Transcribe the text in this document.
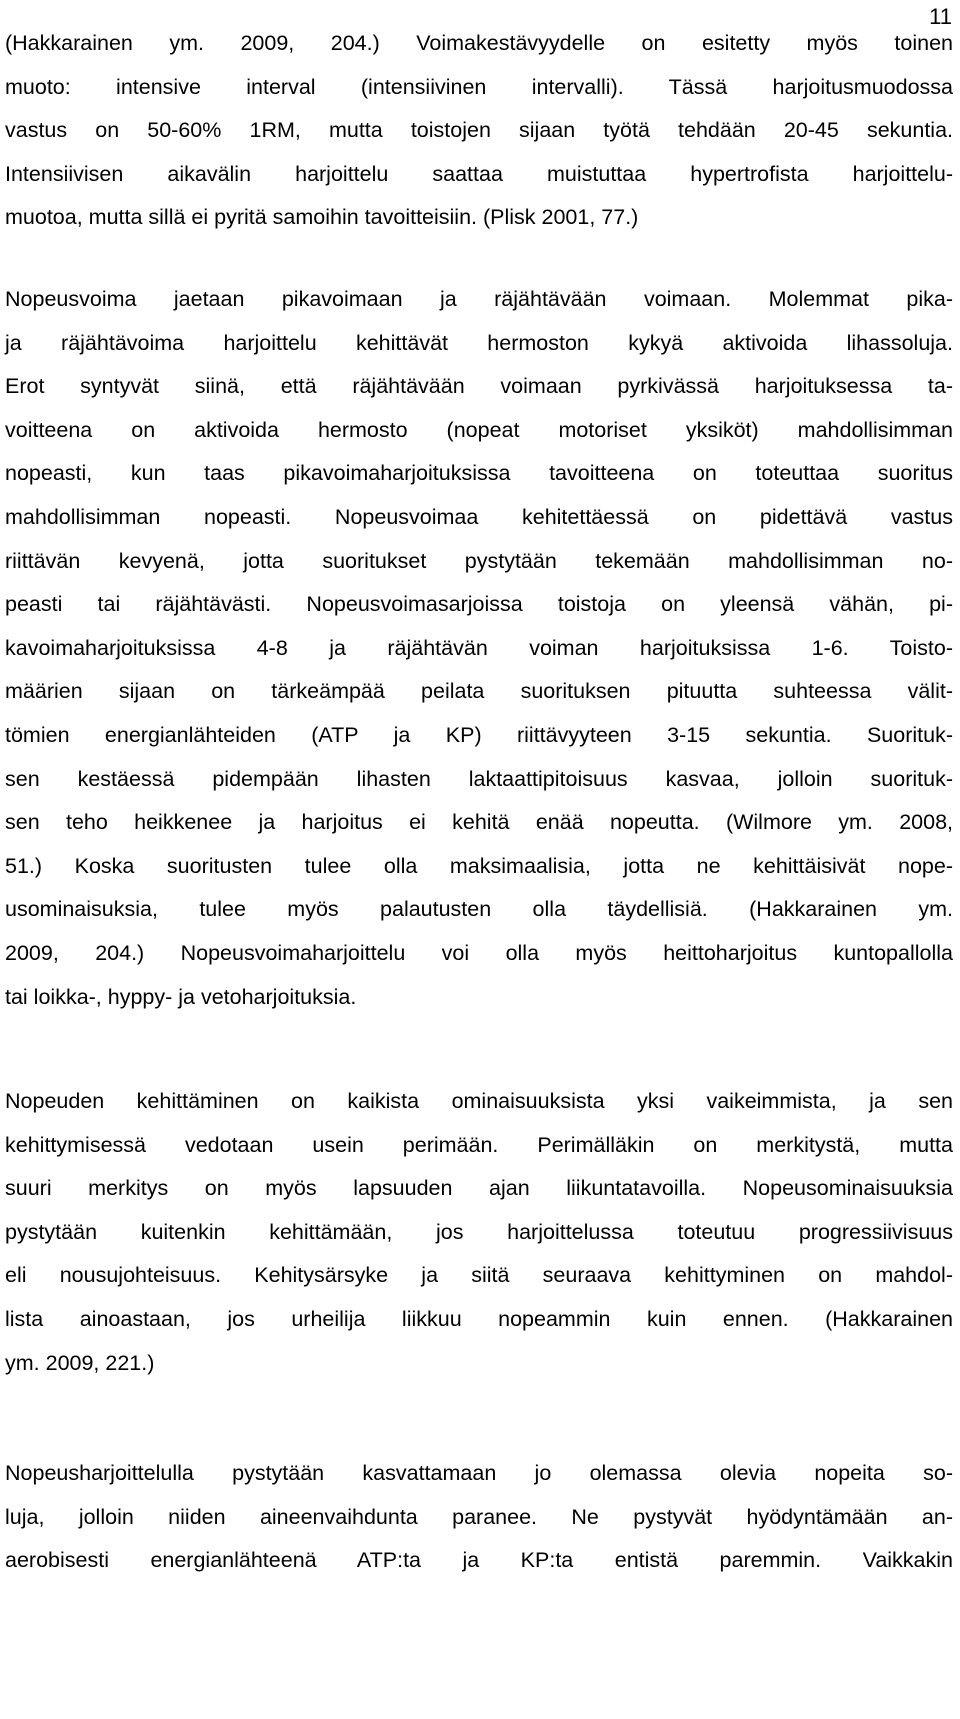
11
(Hakkarainen ym. 2009, 204.) Voimakestävyydelle on esitetty myös toinen
muoto: intensive interval (intensiivinen intervalli). Tässä harjoitusmuodossa
vastus on 50-60% 1RM, mutta toistojen sijaan työtä tehdään 20-45 sekuntia.
Intensiivisen aikavälin harjoittelu saattaa muistuttaa hypertrofista harjoittelu-
muotoa, mutta sillä ei pyritä samoihin tavoitteisiin. (Plisk 2001, 77.)
Nopeusvoima jaetaan pikavoimaan ja räjähtävään voimaan. Molemmat pika-
ja räjähtävoima harjoittelu kehittävät hermoston kykyä aktivoida lihassoluja.
Erot syntyvät siinä, että räjähtävään voimaan pyrkivässä harjoituksessa ta-
voitteena on aktivoida hermosto (nopeat motoriset yksiköt) mahdollisimman
nopeasti, kun taas pikavoimaharjoituksissa tavoitteena on toteuttaa suoritus
mahdollisimman nopeasti. Nopeusvoimaa kehitettäessä on pidettävä vastus
riittävän kevyenä, jotta suoritukset pystytään tekemään mahdollisimman no-
peasti tai räjähtävästi. Nopeusvoimasarjoissa toistoja on yleensä vähän, pi-
kavoimaharjoituksissa 4-8 ja räjähtävän voiman harjoituksissa 1-6. Toisto-
määrien sijaan on tärkeämpää peilata suorituksen pituutta suhteessa välit-
tömien energianlähteiden (ATP ja KP) riittävyyteen 3-15 sekuntia. Suorituk-
sen kestäessä pidempään lihasten laktaattipitoisuus kasvaa, jolloin suorituk-
sen teho heikkenee ja harjoitus ei kehitä enää nopeutta. (Wilmore ym. 2008,
51.) Koska suoritusten tulee olla maksimaalisia, jotta ne kehittäisivät nope-
usominaisuksia, tulee myös palautusten olla täydellisiä. (Hakkarainen ym.
2009, 204.) Nopeusvoimaharjoittelu voi olla myös heittoharjoitus kuntopallolla
tai loikka-, hyppy- ja vetoharjoituksia.
Nopeuden kehittäminen on kaikista ominaisuuksista yksi vaikeimmista, ja sen
kehittymisessä vedotaan usein perimään. Perimälläkin on merkitystä, mutta
suuri merkitys on myös lapsuuden ajan liikuntatavoilla. Nopeusominaisuuksia
pystytään kuitenkin kehittämään, jos harjoittelussa toteutuu progressiivisuus
eli nousujohteisuus. Kehitysärsyke ja siitä seuraava kehittyminen on mahdol-
lista ainoastaan, jos urheilija liikkuu nopeammin kuin ennen. (Hakkarainen
ym. 2009, 221.)
Nopeusharjoittelulla pystytään kasvattamaan jo olemassa olevia nopeita so-
luja, jolloin niiden aineenvaihdunta paranee. Ne pystyvät hyödyntämään an-
aerobisesti energianlähteenä ATP:ta ja KP:ta entistä paremmin. Vaikkakin
